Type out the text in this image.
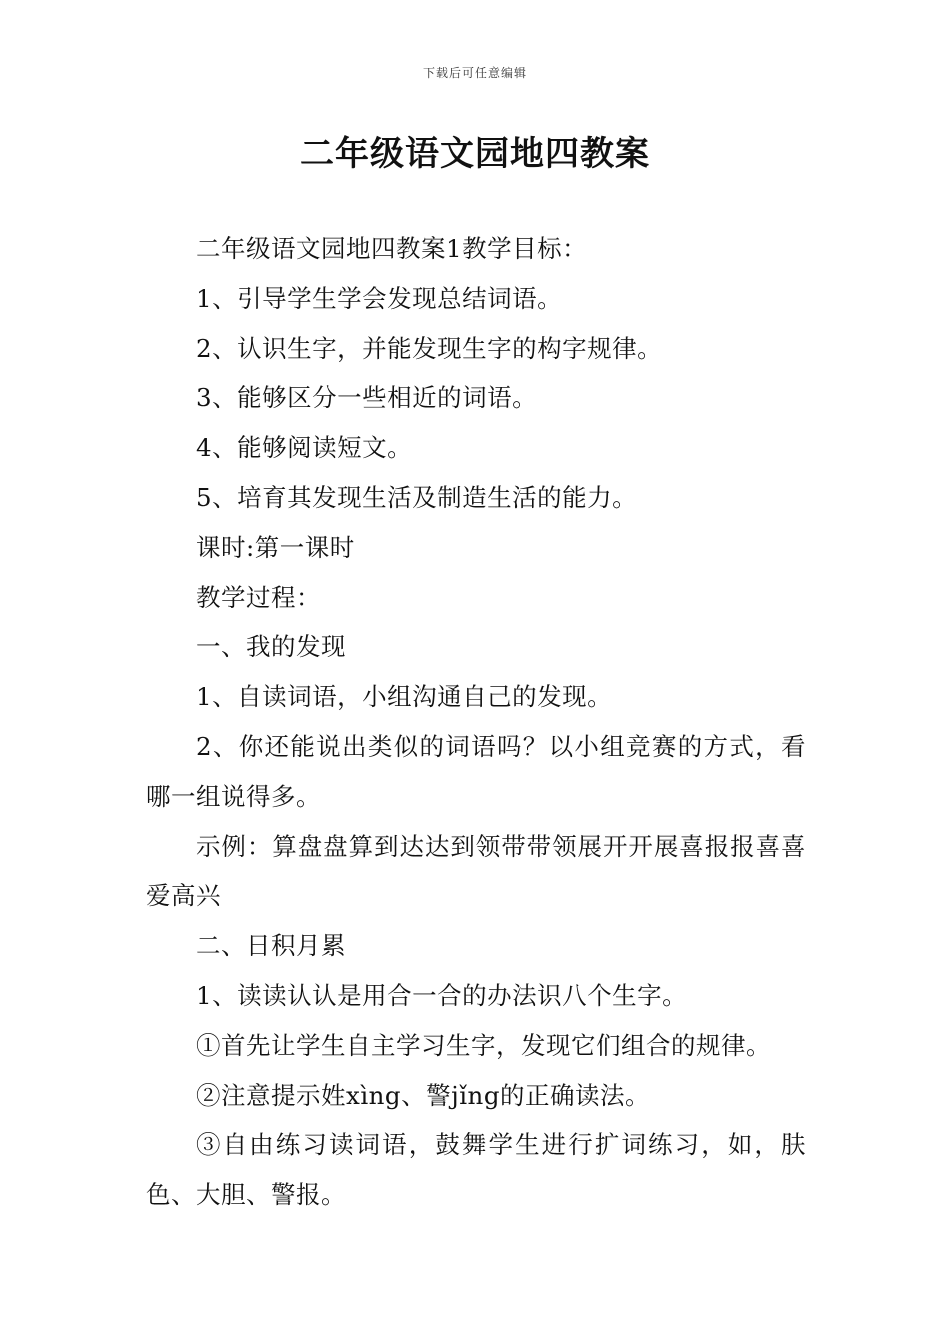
下载后可任意编辑
二年级语文园地四教案

二年级语文园地四教案1教学目标：

1、引导学生学会发现总结词语。

2、认识生字，并能发现生字的构字规律。

3、能够区分一些相近的词语。

4、能够阅读短文。

5、培育其发现生活及制造生活的能力。

课时:第一课时

教学过程：

一、我的发现

1、自读词语，小组沟通自己的发现。

2、你还能说出类似的词语吗？以小组竞赛的方式，看哪一组说得多。

示例：算盘盘算到达达到领带带领展开开展喜报报喜喜爱高兴

二、日积月累

1、读读认认是用合一合的办法识八个生字。

①首先让学生自主学习生字，发现它们组合的规律。

②注意提示姓xìng、警jǐng的正确读法。

③自由练习读词语，鼓舞学生进行扩词练习，如，肤色、大胆、警报。
